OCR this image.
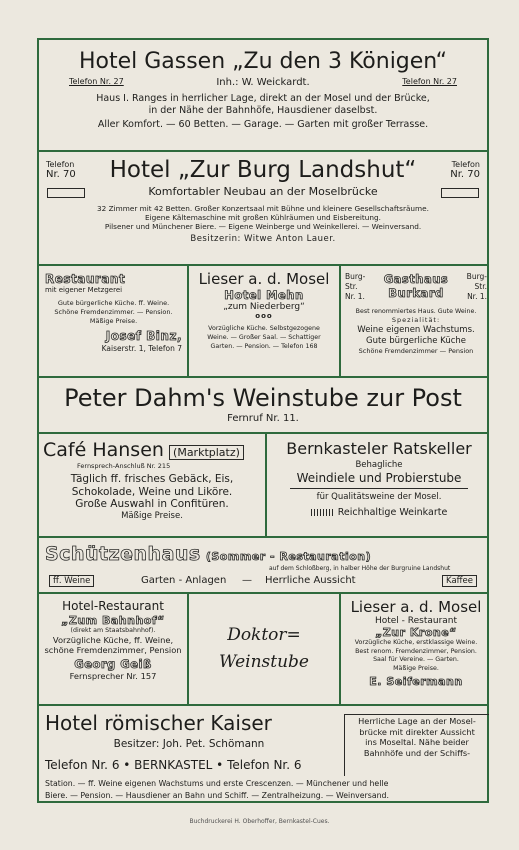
Hotel Gassen „Zu den 3 Königen“
Telefon Nr. 27	Inh.: W. Weickardt.	Telefon Nr. 27
Haus I. Ranges in herrlicher Lage, direkt an der Mosel und der Brücke,
in der Nähe der Bahnhöfe, Hausdiener daselbst.
Aller Komfort. — 60 Betten. — Garage. — Garten mit großer Terrasse.
Telefon
Nr. 70	Hotel „Zur Burg Landshut“	Telefon
Nr. 70
Komfortabler Neubau an der Moselbrücke
32 Zimmer mit 42 Betten. Großer Konzertsaal mit Bühne und kleinere Gesellschaftsräume.
Eigene Kältemaschine mit großen Kühlräumen und Eisbereitung.
Pilsener und Münchener Biere. — Eigene Weinberge und Weinkellerei. — Weinversand.
Besitzerin: Witwe Anton Lauer.
Restaurant
mit eigener Metzgerei
Gute bürgerliche Küche. ff. Weine.
Schöne Fremdenzimmer. — Pension.
Mäßige Preise.
Josef Binz,
Kaiserstr. 1, Telefon 7
Lieser a. d. Mosel
Hotel Mehn
„zum Niederberg“
ooo
Vorzügliche Küche. Selbstgezogene
Weine. — Großer Saal. — Schattiger
Garten. — Pension. — Telefon 168
Burg-
Str.
Nr. 1.
Gasthaus
Burkard
Burg-
Str.
Nr. 1.
Best renommiertes Haus. Gute Weine.
Spezialität:
Weine eigenen Wachstums.
Gute bürgerliche Küche
Schöne Fremdenzimmer — Pension
Peter Dahm's Weinstube zur Post
Fernruf Nr. 11.
Café Hansen (Marktplatz)
Fernsprech-Anschluß Nr. 215
Täglich ff. frisches Gebäck, Eis,
Schokolade, Weine und Liköre.
Große Auswahl in Confitüren.
Mäßige Preise.
Bernkasteler Ratskeller
Behagliche
Weindiele und Probierstube
für Qualitätsweine der Mosel.
Reichhaltige Weinkarte
Schützenhaus (Sommer - Restauration)
auf dem Schloßberg, in halber Höhe der Burgruine Landshut
ff. Weine	Garten - Anlagen — Herrliche Aussicht	Kaffee
Hotel-Restaurant
„Zum Bahnhof“
(direkt am Staatsbahnhof).
Vorzügliche Küche, ff. Weine,
schöne Fremdenzimmer, Pension
Georg Geiß
Fernsprecher Nr. 157
Doktor=
Weinstube
Lieser a. d. Mosel
Hotel - Restaurant
„Zur Krone“
Vorzügliche Küche, erstklassige Weine.
Best renom. Fremdenzimmer, Pension.
Saal für Vereine. — Garten.
Mäßige Preise.
E. Seifermann
Hotel römischer Kaiser
Besitzer: Joh. Pet. Schömann
Telefon Nr. 6 • BERNKASTEL • Telefon Nr. 6
Herrliche Lage an der Mosel-
brücke mit direkter Aussicht
ins Moseltal. Nähe beider
Bahnhöfe und der Schiffs-
Station. — ff. Weine eigenen Wachstums und erste Crescenzen. — Münchener und helle
Biere. — Pension. — Hausdiener an Bahn und Schiff. — Zentralheizung. — Weinversand.
Buchdruckerei H. Oberhoffer, Bernkastel-Cues.
